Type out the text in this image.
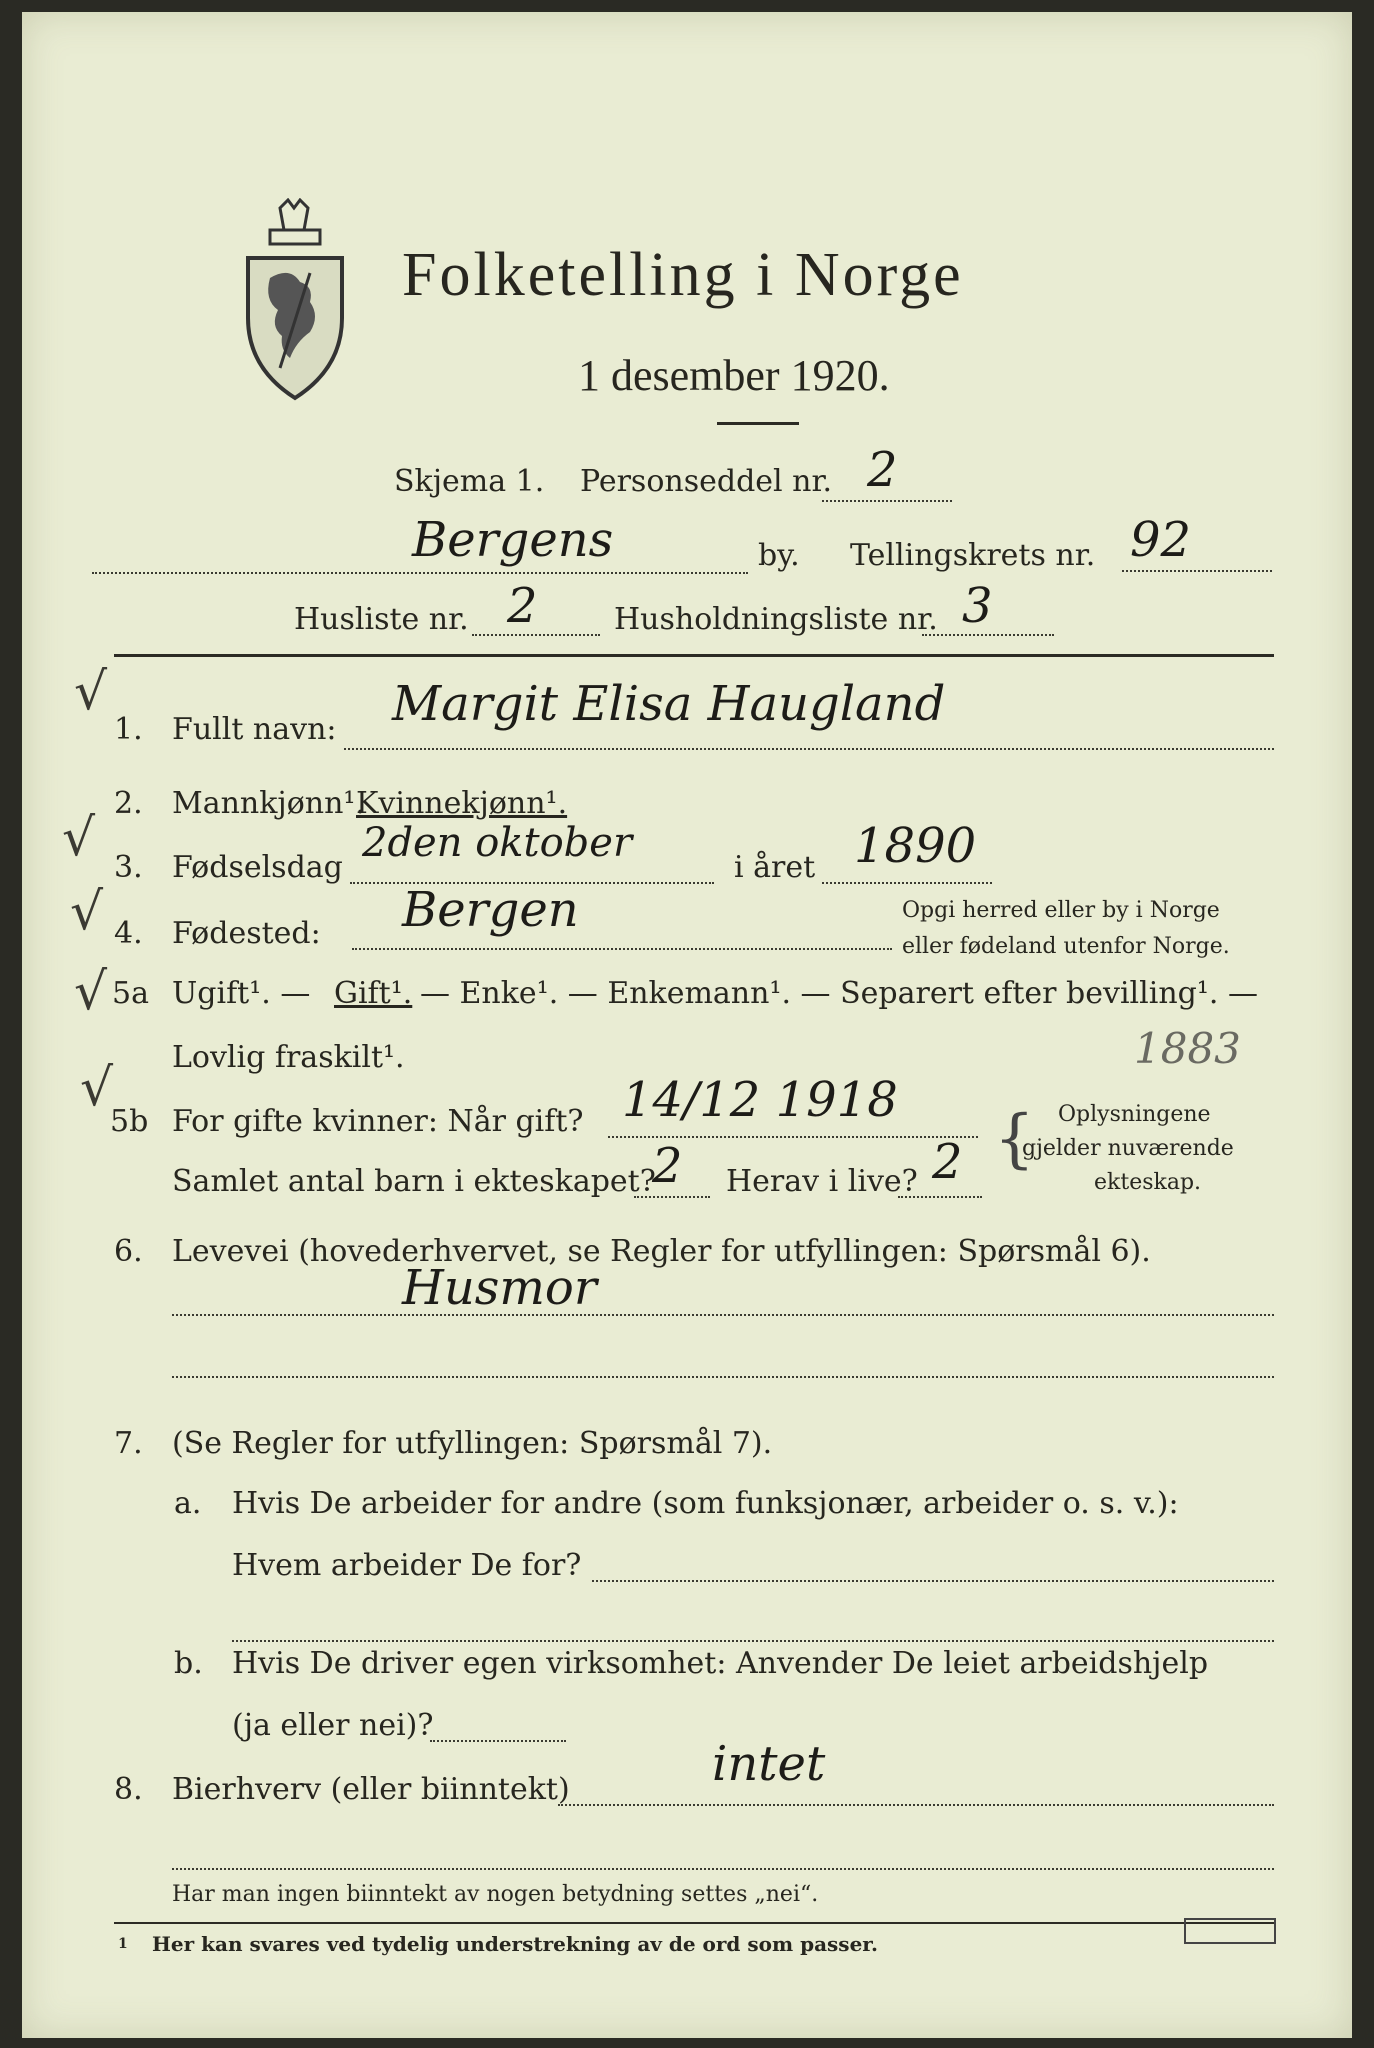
Folketelling i Norge
1 desember 1920.
Skjema 1. Personseddel nr. 2
Bergens	by. Tellingskrets nr. 92
Husliste nr. 2	Husholdningsliste nr. 3
√
√
√
√
√
1. Fullt navn: Margit Elisa Haugland
2. Mannkjønn¹.
Kvinnekjønn¹.
3. Fødselsdag
2den oktober
i året 1890
4. Fødested: Bergen	Opgi herred eller by i Norge
eller fødeland utenfor Norge.
5a Ugift¹. — Gift¹. — Enke¹. — Enkemann¹. — Separert efter bevilling¹. —
Lovlig fraskilt¹.	1883
5b For gifte kvinner: Når gift? 14/12 1918
Samlet antal barn i ekteskapet?
2 Herav i live? 2 { Oplysningene
gjelder nuværende
ekteskap.
6. Levevei (hovederhvervet, se Regler for utfyllingen: Spørsmål 6).
Husmor
7. (Se Regler for utfyllingen: Spørsmål 7).
a. Hvis De arbeider for andre (som funksjonær, arbeider o. s. v.):
Hvem arbeider De for?
b. Hvis De driver egen virksomhet: Anvender De leiet arbeidshjelp
(ja eller nei)?
8. Bierhverv (eller biinntekt)	intet
Har man ingen biinntekt av nogen betydning settes „nei“.
1 Her kan svares ved tydelig understrekning av de ord som passer.
